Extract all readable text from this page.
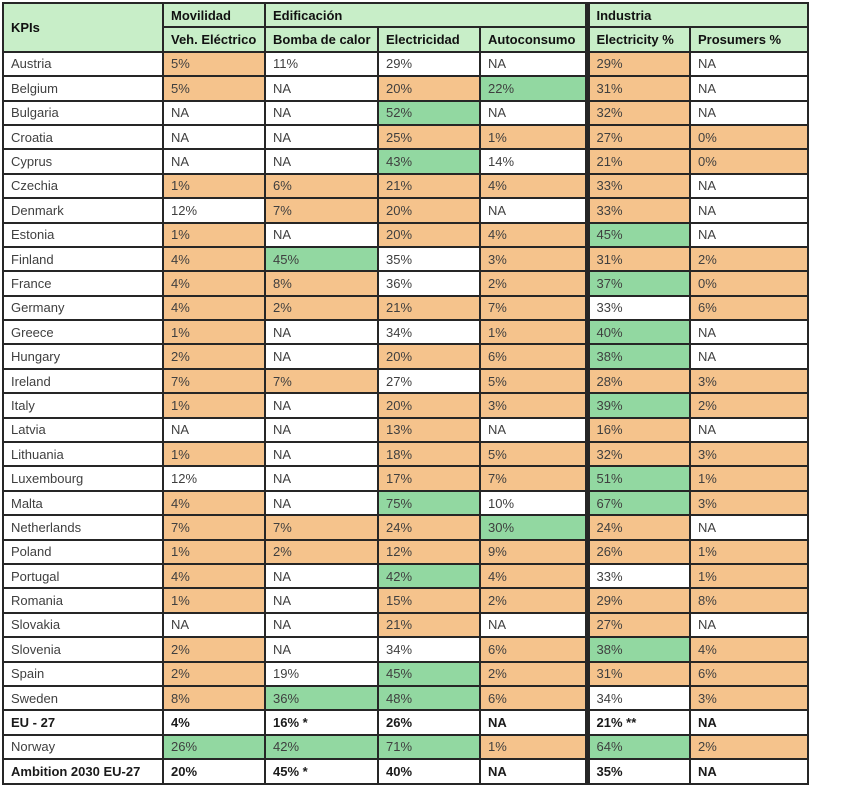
KPIs	Movilidad	Edificación			Industria	
	Veh. Eléctrico	Bomba de calor	Electricidad	Autoconsumo	Electricity %	Prosumers %
Austria	5%	11%	29%	NA	29%	NA
Belgium	5%	NA	20%	22%	31%	NA
Bulgaria	NA	NA	52%	NA	32%	NA
Croatia	NA	NA	25%	1%	27%	0%
Cyprus	NA	NA	43%	14%	21%	0%
Czechia	1%	6%	21%	4%	33%	NA
Denmark	12%	7%	20%	NA	33%	NA
Estonia	1%	NA	20%	4%	45%	NA
Finland	4%	45%	35%	3%	31%	2%
France	4%	8%	36%	2%	37%	0%
Germany	4%	2%	21%	7%	33%	6%
Greece	1%	NA	34%	1%	40%	NA
Hungary	2%	NA	20%	6%	38%	NA
Ireland	7%	7%	27%	5%	28%	3%
Italy	1%	NA	20%	3%	39%	2%
Latvia	NA	NA	13%	NA	16%	NA
Lithuania	1%	NA	18%	5%	32%	3%
Luxembourg	12%	NA	17%	7%	51%	1%
Malta	4%	NA	75%	10%	67%	3%
Netherlands	7%	7%	24%	30%	24%	NA
Poland	1%	2%	12%	9%	26%	1%
Portugal	4%	NA	42%	4%	33%	1%
Romania	1%	NA	15%	2%	29%	8%
Slovakia	NA	NA	21%	NA	27%	NA
Slovenia	2%	NA	34%	6%	38%	4%
Spain	2%	19%	45%	2%	31%	6%
Sweden	8%	36%	48%	6%	34%	3%
EU - 27	4%	16% *	26%	NA	21% **	NA
Norway	26%	42%	71%	1%	64%	2%
Ambition 2030 EU-27	20%	45% *	40%	NA	35%	NA
